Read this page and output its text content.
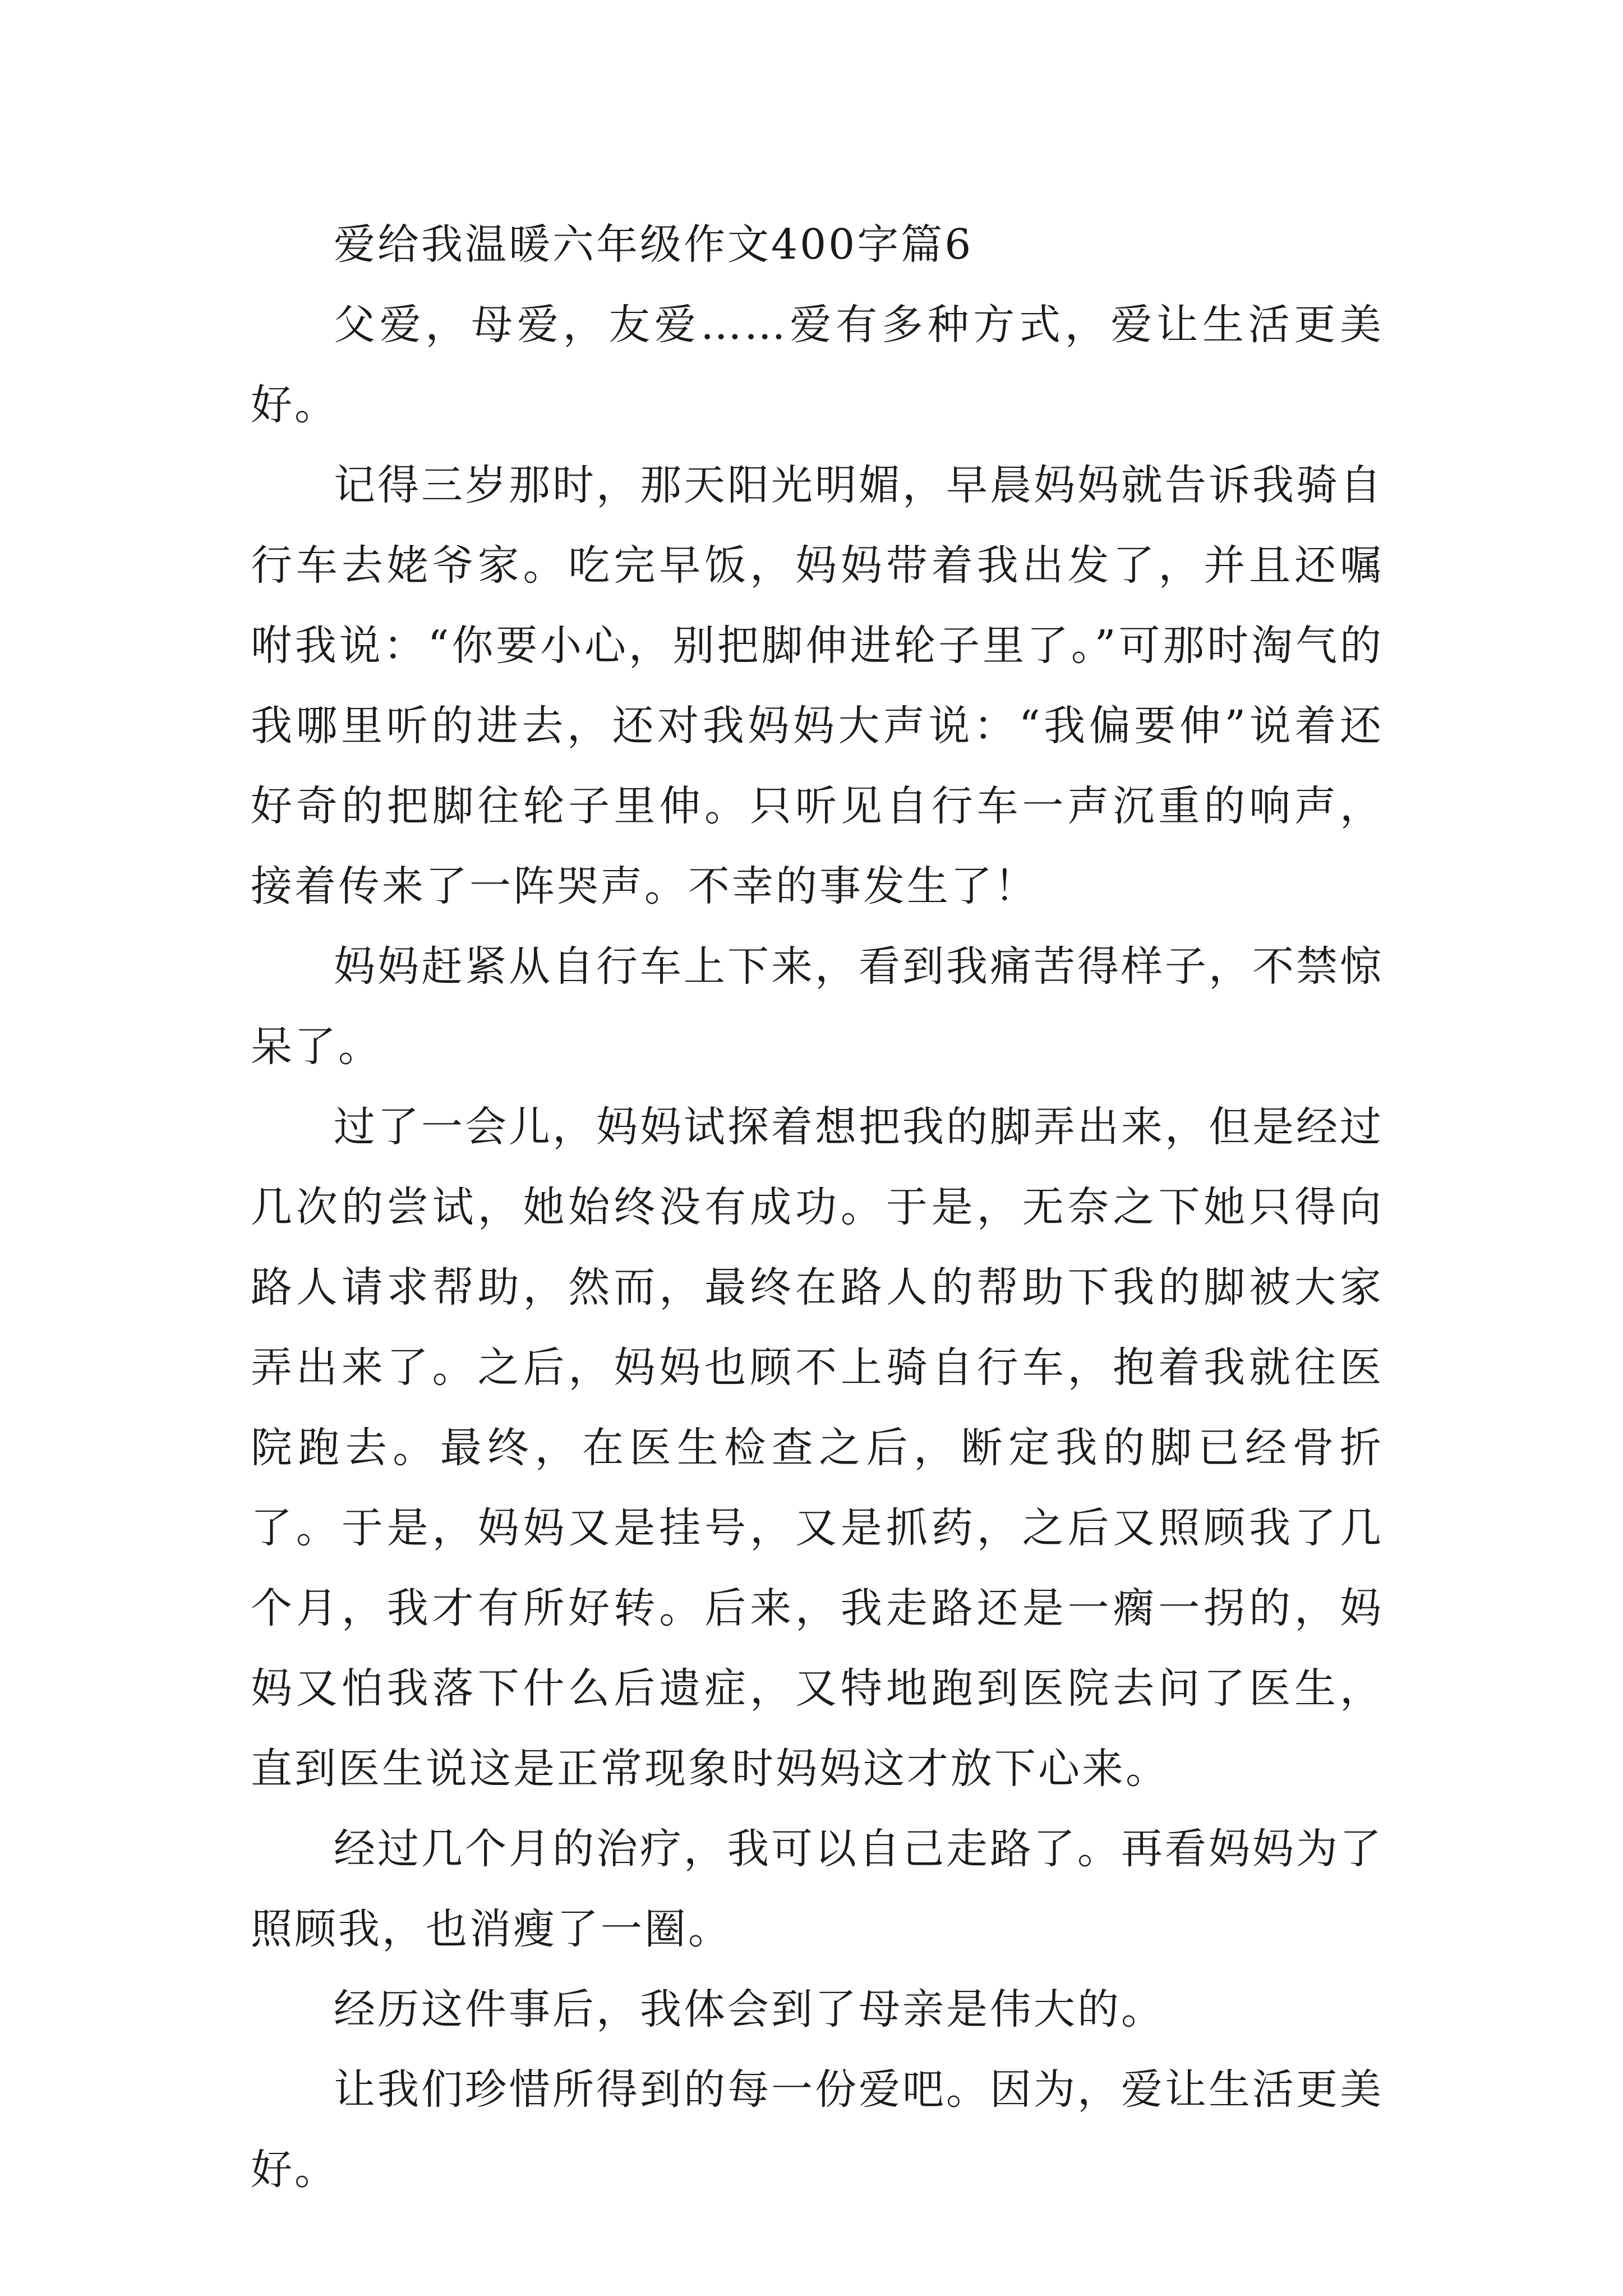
爱给我温暖六年级作文400字篇6

父爱，母爱，友爱……爱有多种方式，爱让生活更美好。

记得三岁那时，那天阳光明媚，早晨妈妈就告诉我骑自行车去姥爷家。吃完早饭，妈妈带着我出发了，并且还嘱咐我说：“你要小心，别把脚伸进轮子里了。”可那时淘气的我哪里听的进去，还对我妈妈大声说：“我偏要伸”说着还好奇的把脚往轮子里伸。只听见自行车一声沉重的响声，接着传来了一阵哭声。不幸的事发生了！

妈妈赶紧从自行车上下来，看到我痛苦得样子，不禁惊呆了。

过了一会儿，妈妈试探着想把我的脚弄出来，但是经过几次的尝试，她始终没有成功。于是，无奈之下她只得向路人请求帮助，然而，最终在路人的帮助下我的脚被大家弄出来了。之后，妈妈也顾不上骑自行车，抱着我就往医院跑去。最终，在医生检查之后，断定我的脚已经骨折了。于是，妈妈又是挂号，又是抓药，之后又照顾我了几个月，我才有所好转。后来，我走路还是一瘸一拐的，妈妈又怕我落下什么后遗症，又特地跑到医院去问了医生，直到医生说这是正常现象时妈妈这才放下心来。

经过几个月的治疗，我可以自己走路了。再看妈妈为了照顾我，也消瘦了一圈。

经历这件事后，我体会到了母亲是伟大的。

让我们珍惜所得到的每一份爱吧。因为，爱让生活更美好。
